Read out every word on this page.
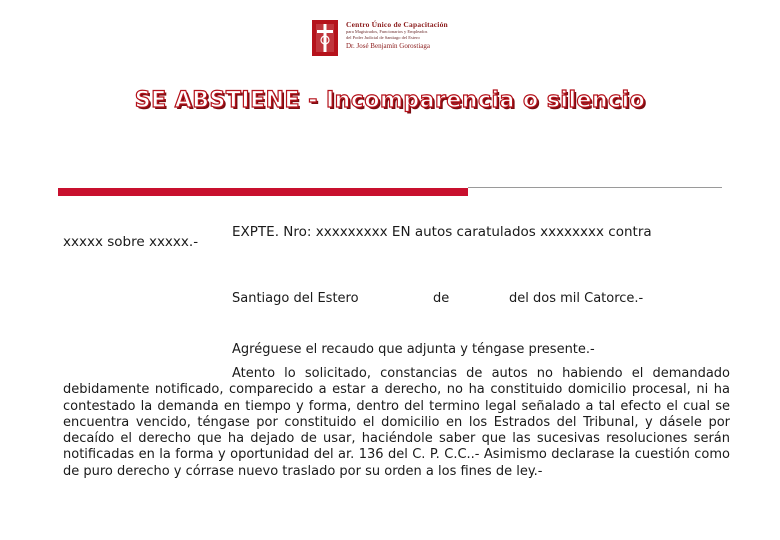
Centro Único de Capacitación
para Magistrados, Funcionarios y Empleados
del Poder Judicial de Santiago del Estero
Dr. José Benjamín Gorostiaga
SE ABSTIENE - Incomparencia o silencio
EXPTE. Nro: xxxxxxxxx EN autos caratulados xxxxxxxx contra
xxxxx sobre xxxxx.-
Santiago del Estero	de	del dos mil Catorce.-
Agréguese el recaudo que adjunta y téngase presente.-

Atento lo solicitado, constancias de autos no habiendo el demandado debidamente notificado, comparecido a estar a derecho, no ha constituido domicilio procesal, ni ha contestado la demanda en tiempo y forma, dentro del termino legal señalado a tal efecto el cual se encuentra vencido, téngase por constituido el domicilio en los Estrados del Tribunal, y dásele por decaído el derecho que ha dejado de usar, haciéndole saber que las sucesivas resoluciones serán notificadas en la forma y oportunidad del ar. 136 del C. P. C.C..- Asimismo declarase la cuestión como de puro derecho y córrase nuevo traslado por su orden a los fines de ley.-
